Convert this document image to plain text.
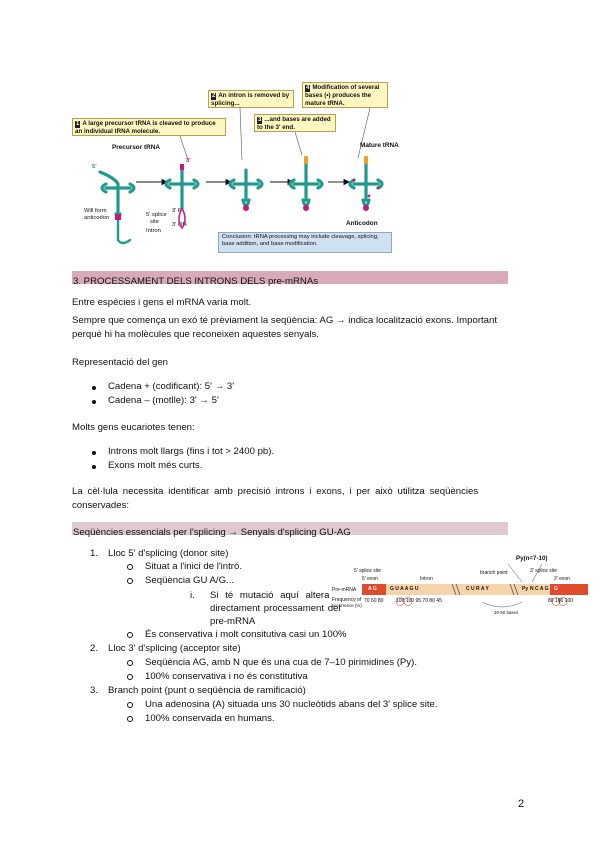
1 A large precursor tRNA is cleaved to produce an individual tRNA molecule.
2 An intron is removed by splicing...
3 ...and bases are added to the 3' end.
4 Modification of several bases (•) produces the mature tRNA.
Precursor tRNA	Mature tRNA
5'
3'
Will form
anticodon	5' splice
site
Intron
3' P
3' OH	Anticodon
Conclusion: tRNA processing may include cleavage, splicing, base addition, and base modification.
3. PROCESSAMENT DELS INTRONS DELS pre-mRNAs
Entre espècies i gens el mRNA varia molt.
Sempre que comença un exó té prèviament la seqüència: AG → indica localització exons. Important
perquè hi ha molècules que reconeixen aquestes senyals.
Representació del gen
Cadena + (codificant): 5' → 3'
Cadena – (motlle): 3' → 5'
Molts gens eucariotes tenen:
Introns molt llargs (fins i tot > 2400 pb).
Exons molt més curts.
La cèl·lula necessita identificar amb precisió introns i exons, i per això utilitza seqüències
conservades:
Seqüències essencials per l'splicing → Senyals d'splicing GU-AG
1. Lloc 5' d'splicing (donor site)
Situat a l'inici de l'intró.
Seqüència GU A/G...
i. Si té mutació aquí altera
directament processament del
pre-mRNA
És conservativa i molt consitutiva casi un 100%
2. Lloc 3' d'splicing (acceptor site)
Seqüència AG, amb N que és una cua de 7–10 pirimidines (Py).
100% conservativa i no és constitutiva
3. Branch point (punt o seqüència de ramificació)
Una adenosina (A) situada uns 30 nucleòtids abans del 3' splice site.
100% conservada en humans.
Py(n=7-10)
5' splice site	3' splice site
5' exon	Intron
branch point
3' exon
Pre-mRNA A G	G U A A G U	C U R A Y	Py N C A G G
Frequency of
occurrence (%)
70 60 80	100 100 95 70 80 45	80 100 100
20-50 bases
2
